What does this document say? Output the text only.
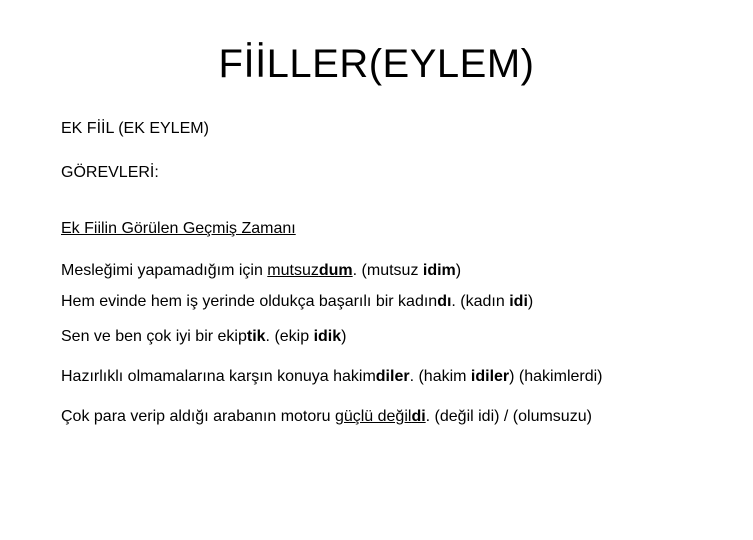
FİİLLER(EYLEM)
EK FİİL (EK EYLEM)
GÖREVLERİ:
Ek Fiilin Görülen Geçmiş Zamanı
Mesleğimi yapamadığım için mutsuzdum. (mutsuz idim)
Hem evinde hem iş yerinde oldukça başarılı bir kadındı. (kadın idi)
Sen ve ben çok iyi bir ekiptik. (ekip idik)
Hazırlıklı olmamalarına karşın konuya hakimdiler. (hakim idiler) (hakimlerdi)
Çok para verip aldığı arabanın motoru güçlü değildi. (değil idi) / (olumsuzu)
